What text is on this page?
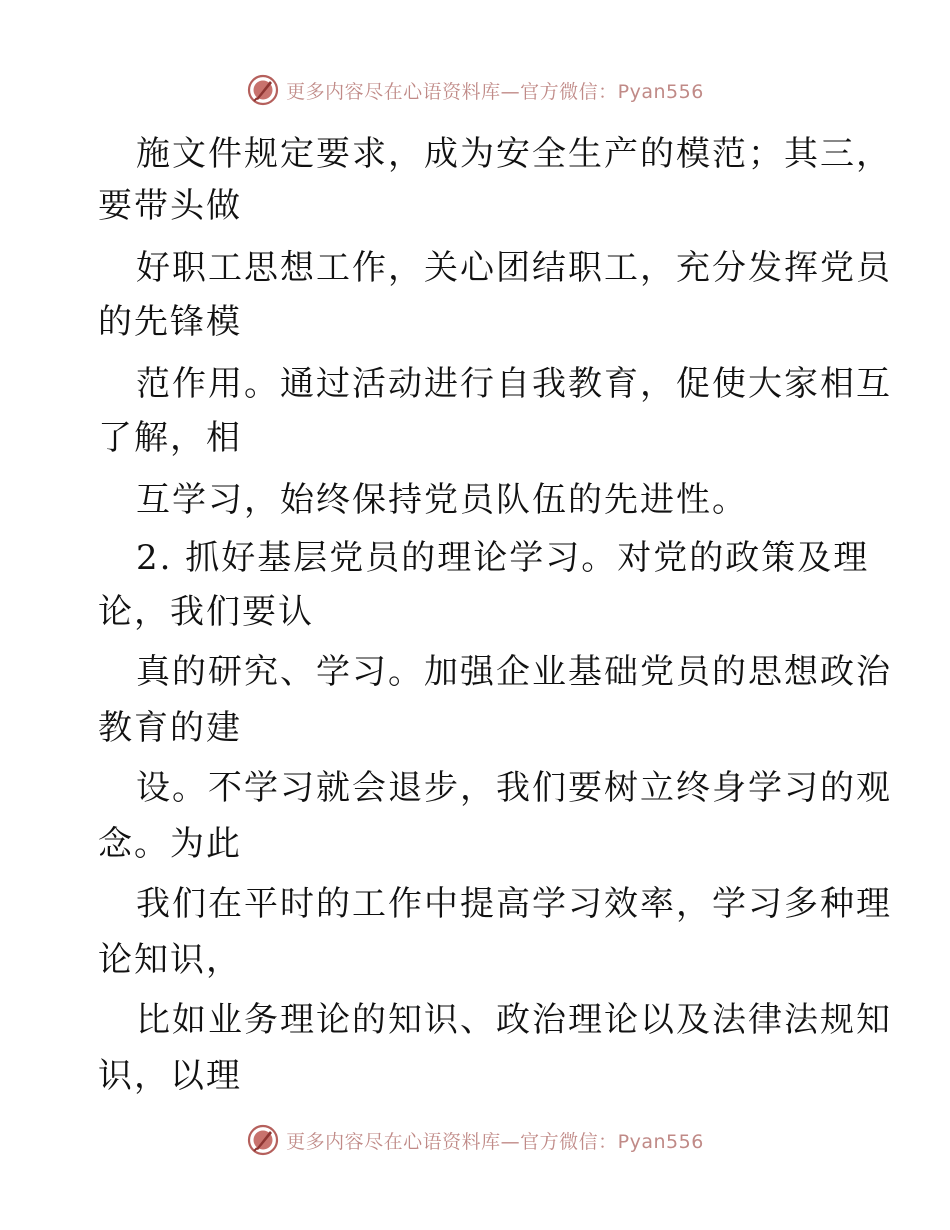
更多内容尽在心语资料库—官方微信：Pyan556
施文件规定要求，成为安全生产的模范；其三，
要带头做
好职工思想工作，关心团结职工，充分发挥党员
的先锋模
范作用。通过活动进行自我教育，促使大家相互
了解，相
互学习，始终保持党员队伍的先进性。
2. 抓好基层党员的理论学习。对党的政策及理
论，我们要认
真的研究、学习。加强企业基础党员的思想政治
教育的建
设。不学习就会退步，我们要树立终身学习的观
念。为此
我们在平时的工作中提高学习效率，学习多种理
论知识，
比如业务理论的知识、政治理论以及法律法规知
识，以理
更多内容尽在心语资料库—官方微信：Pyan556
